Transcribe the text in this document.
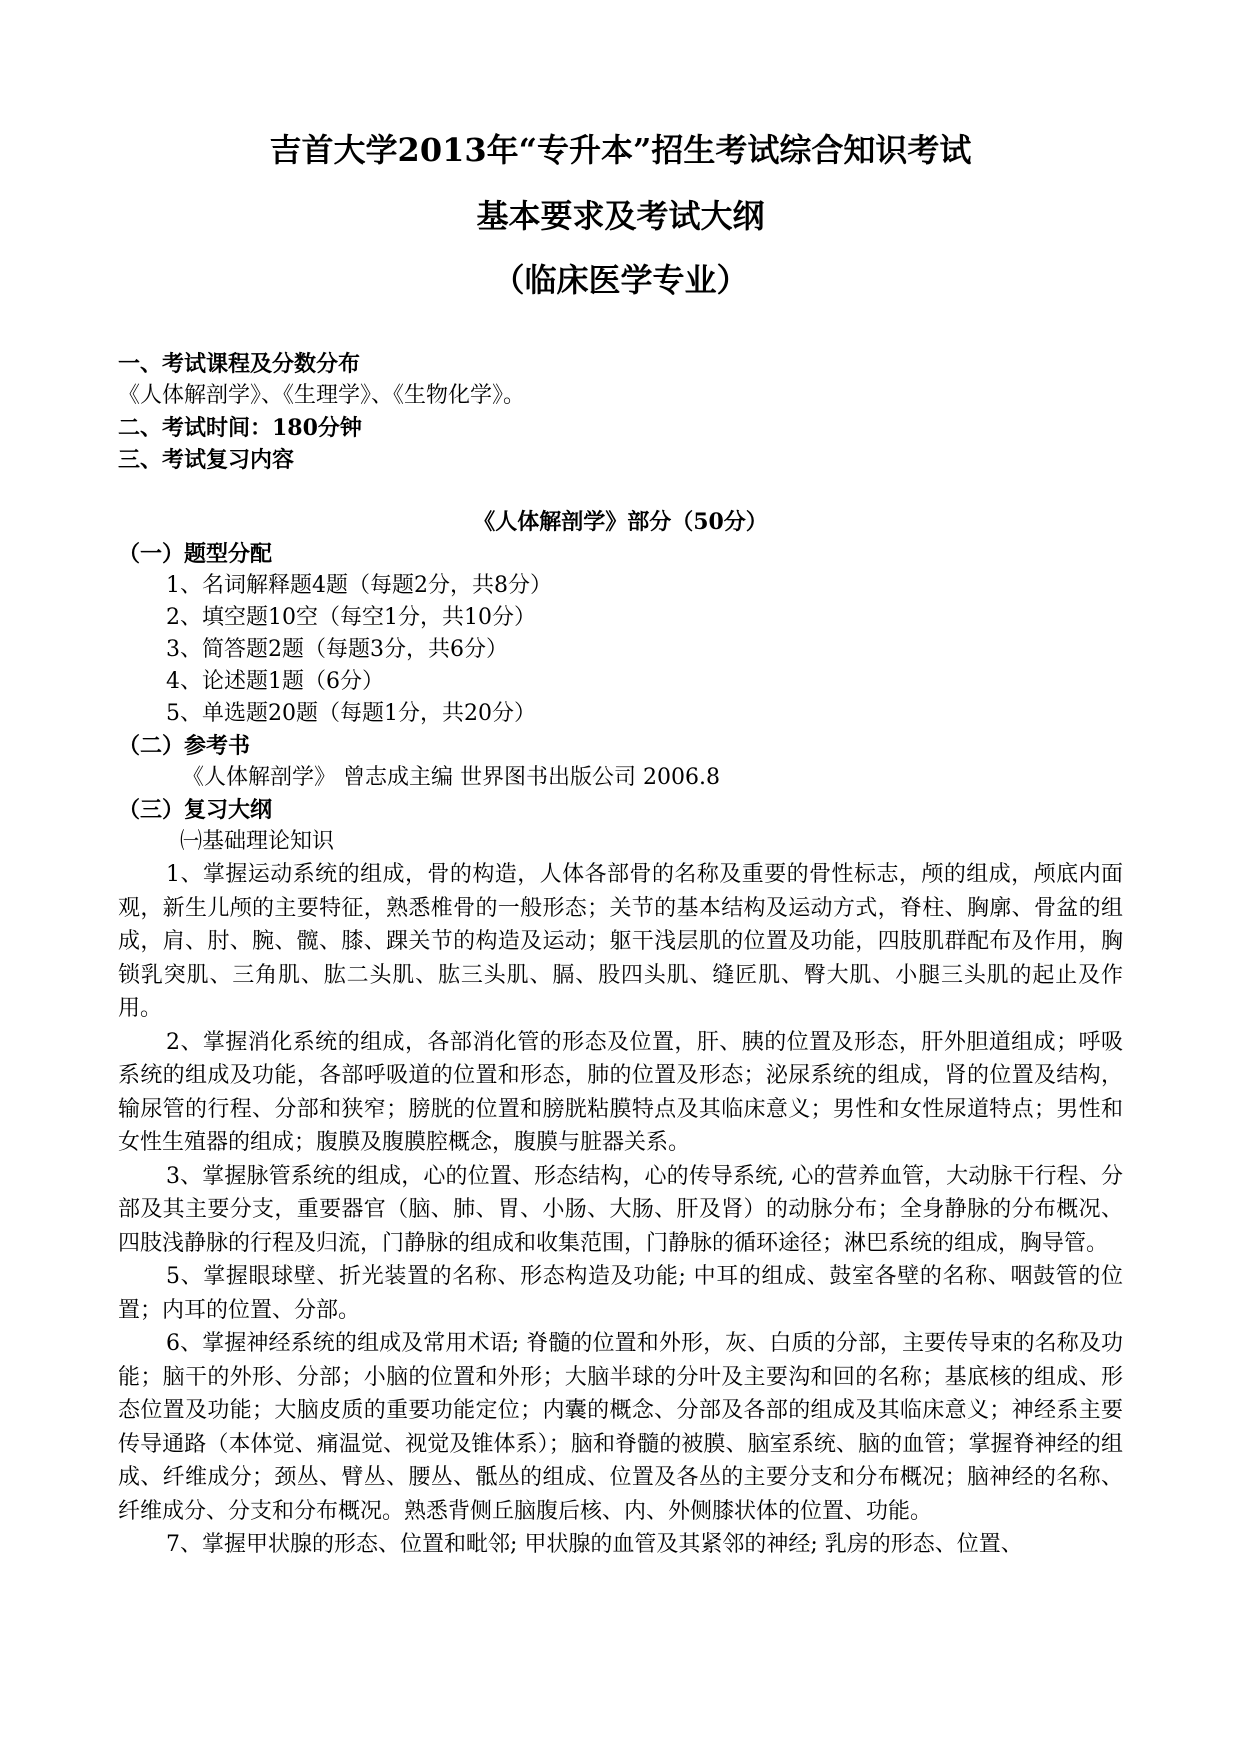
吉首大学2013年“专升本”招生考试综合知识考试
基本要求及考试大纲
（临床医学专业）
一、考试课程及分数分布
《人体解剖学》、《生理学》、《生物化学》。
二、考试时间：180分钟
三、考试复习内容
《人体解剖学》部分（50分）
（一）题型分配
1、名词解释题4题（每题2分，共8分）
2、填空题10空（每空1分，共10分）
3、简答题2题（每题3分，共6分）
4、论述题1题（6分）
5、单选题20题（每题1分，共20分）
（二）参考书
《人体解剖学》 曾志成主编 世界图书出版公司 2006.8
（三）复习大纲
㈠基础理论知识
1、掌握运动系统的组成，骨的构造，人体各部骨的名称及重要的骨性标志，颅的组成，颅底内面观，新生儿颅的主要特征，熟悉椎骨的一般形态；关节的基本结构及运动方式，脊柱、胸廓、骨盆的组成，肩、肘、腕、髋、膝、踝关节的构造及运动；躯干浅层肌的位置及功能，四肢肌群配布及作用，胸锁乳突肌、三角肌、肱二头肌、肱三头肌、膈、股四头肌、缝匠肌、臀大肌、小腿三头肌的起止及作用。
2、掌握消化系统的组成，各部消化管的形态及位置，肝、胰的位置及形态，肝外胆道组成；呼吸系统的组成及功能，各部呼吸道的位置和形态，肺的位置及形态；泌尿系统的组成，肾的位置及结构，输尿管的行程、分部和狭窄；膀胱的位置和膀胱粘膜特点及其临床意义；男性和女性尿道特点；男性和女性生殖器的组成；腹膜及腹膜腔概念，腹膜与脏器关系。
3、掌握脉管系统的组成，心的位置、形态结构，心的传导系统, 心的营养血管，大动脉干行程、分部及其主要分支，重要器官（脑、肺、胃、小肠、大肠、肝及肾）的动脉分布；全身静脉的分布概况、四肢浅静脉的行程及归流，门静脉的组成和收集范围，门静脉的循环途径；淋巴系统的组成，胸导管。
5、掌握眼球壁、折光装置的名称、形态构造及功能; 中耳的组成、鼓室各壁的名称、咽鼓管的位置；内耳的位置、分部。
6、掌握神经系统的组成及常用术语; 脊髓的位置和外形，灰、白质的分部，主要传导束的名称及功能；脑干的外形、分部；小脑的位置和外形；大脑半球的分叶及主要沟和回的名称；基底核的组成、形态位置及功能；大脑皮质的重要功能定位；内囊的概念、分部及各部的组成及其临床意义；神经系主要传导通路（本体觉、痛温觉、视觉及锥体系）；脑和脊髓的被膜、脑室系统、脑的血管；掌握脊神经的组成、纤维成分；颈丛、臂丛、腰丛、骶丛的组成、位置及各丛的主要分支和分布概况；脑神经的名称、纤维成分、分支和分布概况。熟悉背侧丘脑腹后核、内、外侧膝状体的位置、功能。
7、掌握甲状腺的形态、位置和毗邻; 甲状腺的血管及其紧邻的神经; 乳房的形态、位置、
